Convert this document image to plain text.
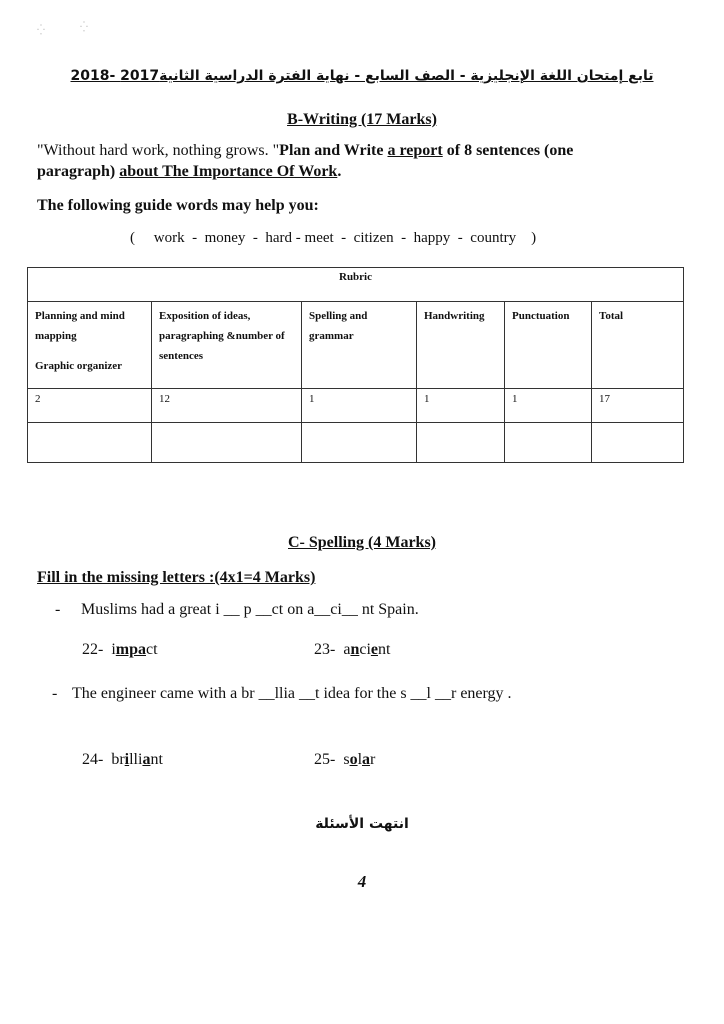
⁛	⁛
تابع إمتحان اللغة الإنجليزية - الصف السابع - نهاية الفترة الدراسية الثانية2017 -2018
B-Writing (17 Marks)
"Without hard work, nothing grows. "Plan and Write a report of 8 sentences (one
paragraph) about The Importance Of Work.
The following guide words may help you:
(     work  -  money  -  hard - meet  -  citizen  -  happy  -  country    )
Rubric					

Planning and mind mapping
Graphic organizer	Exposition of ideas, paragraphing &number of sentences	Spelling and grammar	Handwriting	Punctuation	Total
2	12	1	1	1	17

C- Spelling (4 Marks)
Fill in the missing letters :(4x1=4 Marks)
- Muslims had a great i __ p __ct on a__ci__ nt Spain.
22- impact	23- ancient
- The engineer came with a br __llia __t idea for the s __l __r energy .
24- brilliant	25- solar
انتهت الأسئلة
4
